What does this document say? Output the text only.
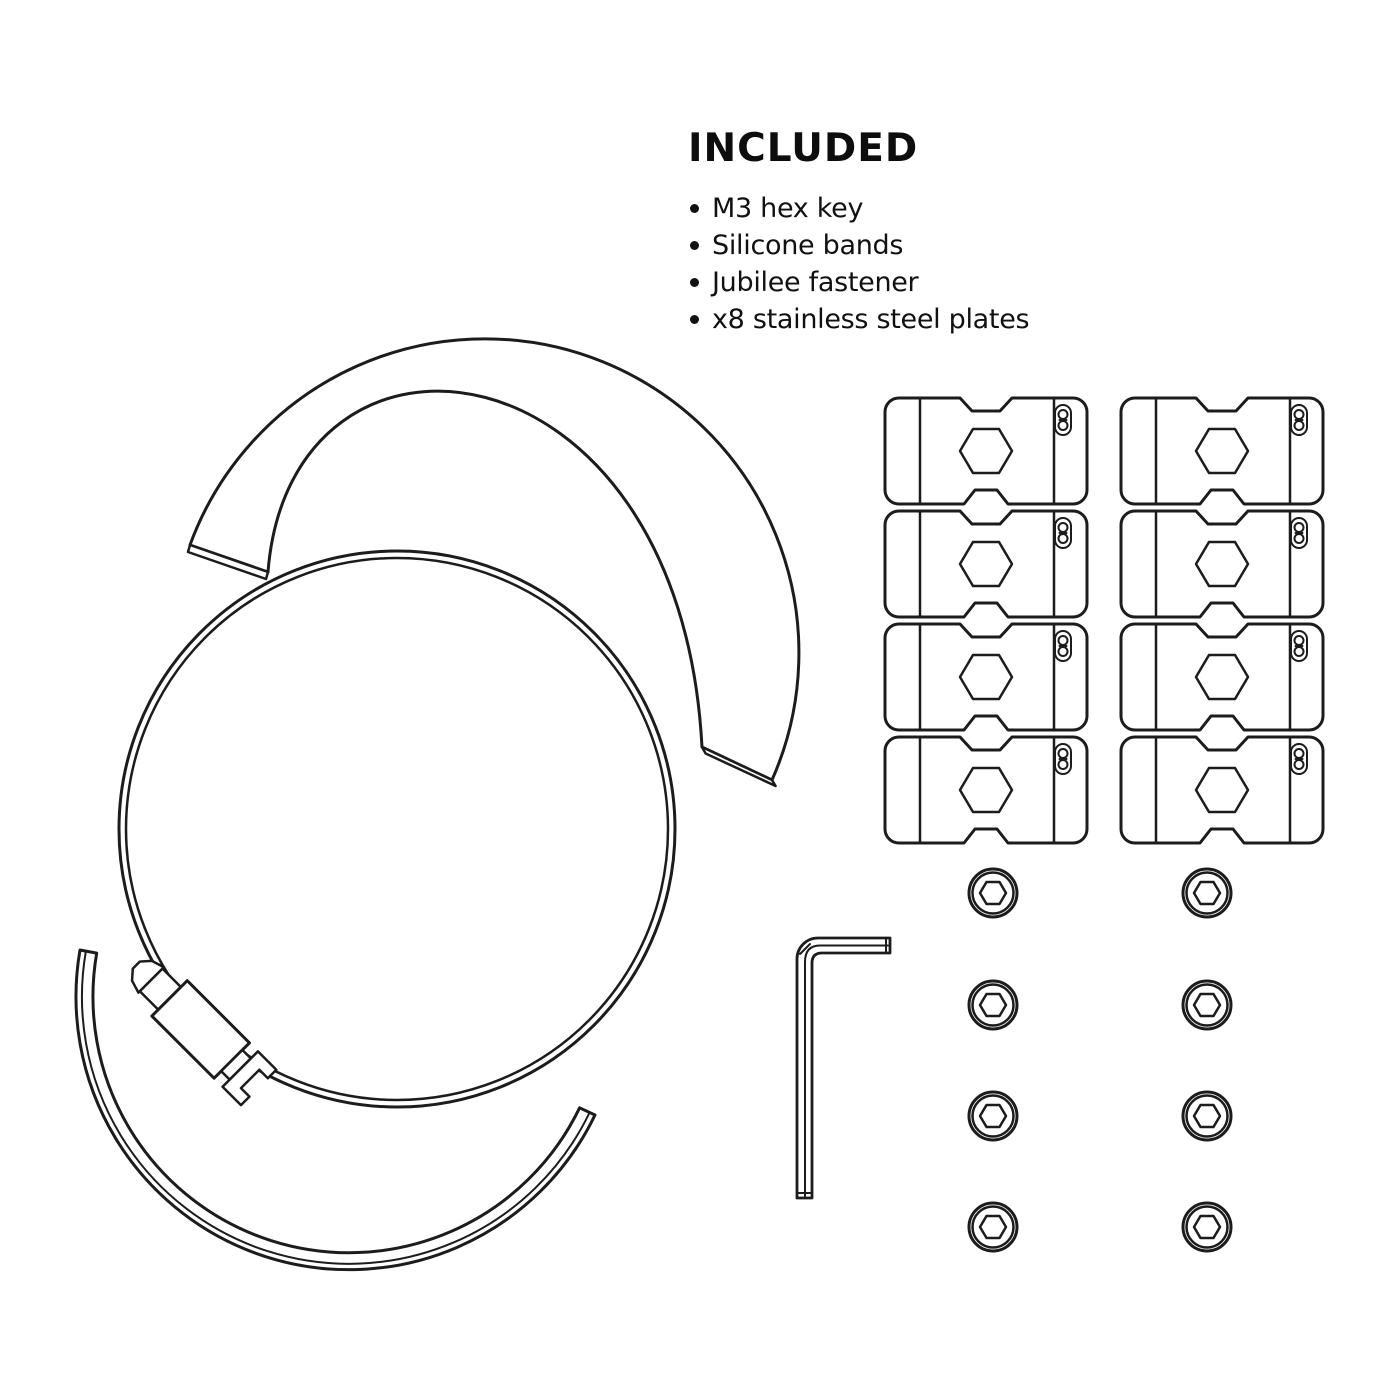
INCLUDED
M3 hex key
Silicone bands
Jubilee fastener
x8 stainless steel plates
